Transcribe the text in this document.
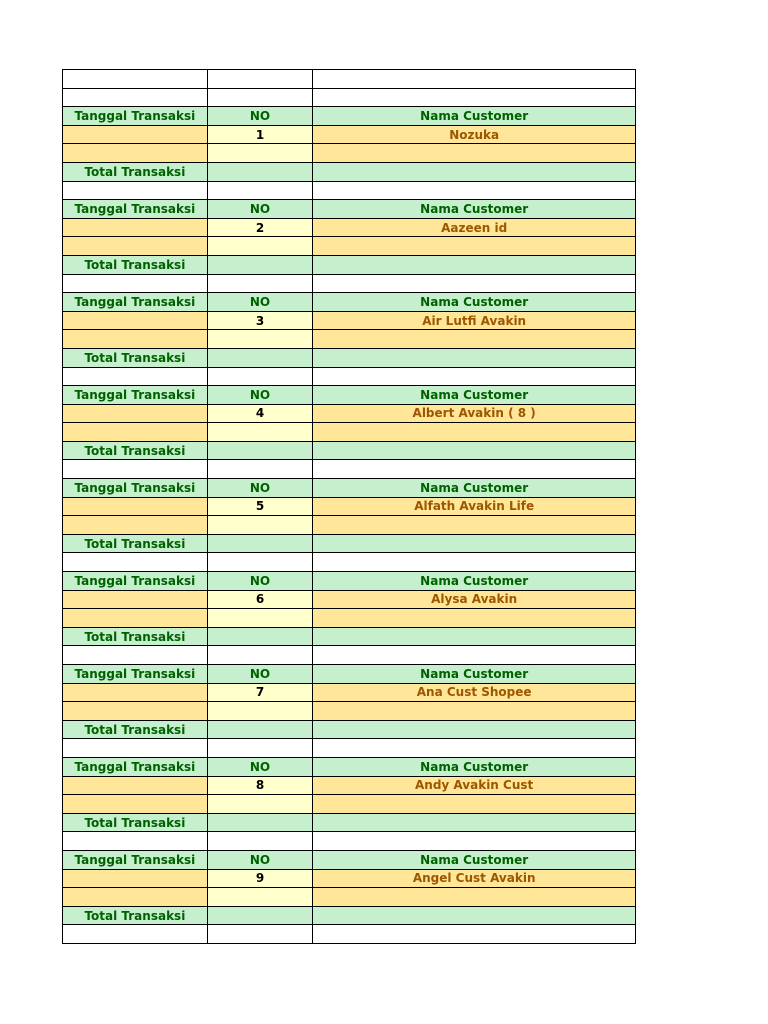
Tanggal Transaksi	NO	Nama Customer
	1	Nozuka

Total Transaksi		

Tanggal Transaksi	NO	Nama Customer
	2	Aazeen id

Total Transaksi		

Tanggal Transaksi	NO	Nama Customer
	3	Air Lutfi Avakin

Total Transaksi		

Tanggal Transaksi	NO	Nama Customer
	4	Albert Avakin ( 8 )

Total Transaksi		

Tanggal Transaksi	NO	Nama Customer
	5	Alfath Avakin Life

Total Transaksi		

Tanggal Transaksi	NO	Nama Customer
	6	Alysa Avakin

Total Transaksi		

Tanggal Transaksi	NO	Nama Customer
	7	Ana Cust Shopee

Total Transaksi		

Tanggal Transaksi	NO	Nama Customer
	8	Andy Avakin Cust

Total Transaksi		

Tanggal Transaksi	NO	Nama Customer
	9	Angel Cust Avakin

Total Transaksi		
